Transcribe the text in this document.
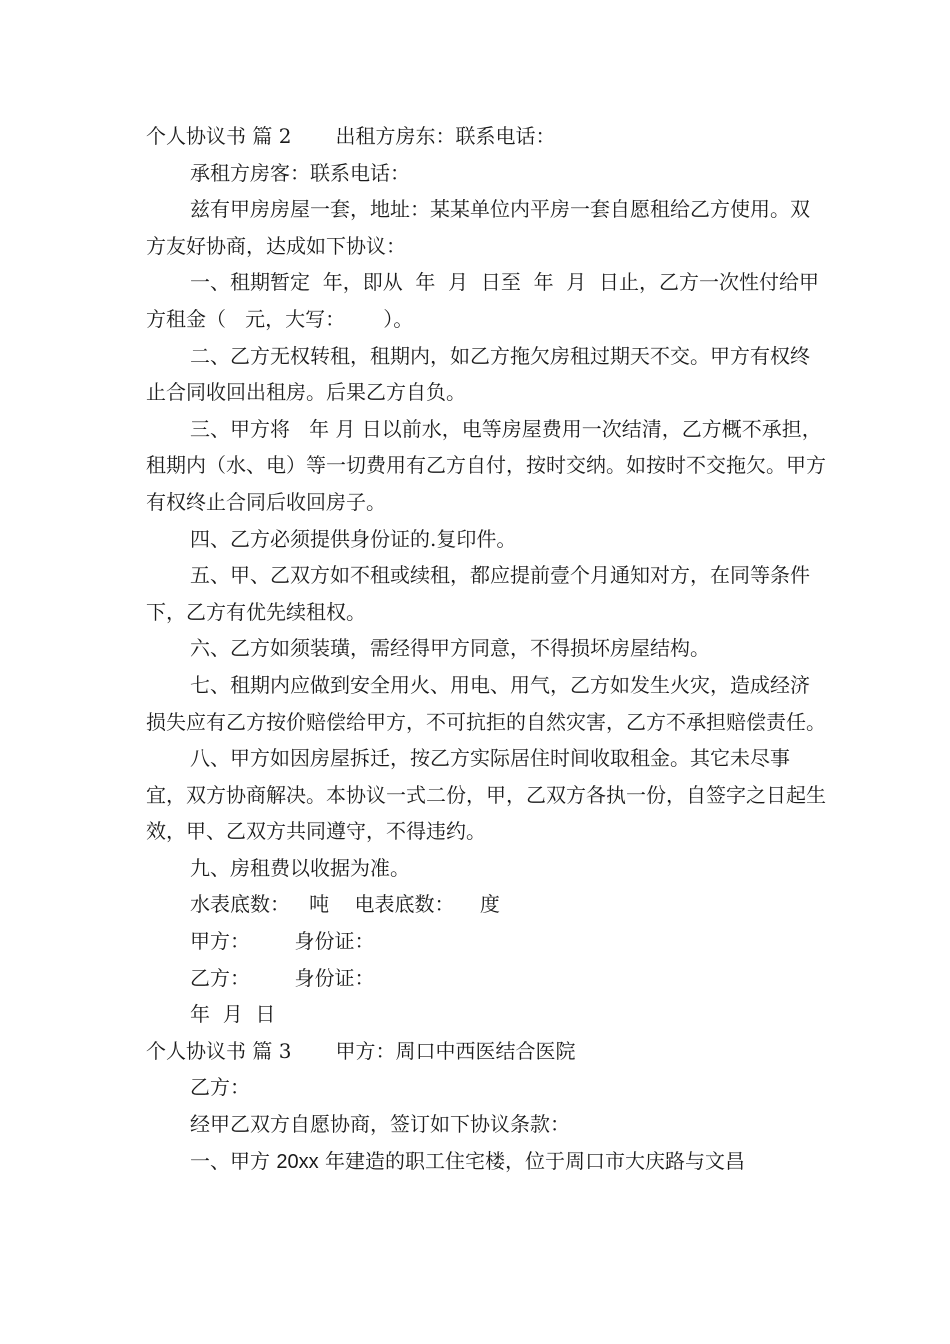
个人协议书 篇 2 出租方房东：联系电话：

承租方房客：联系电话：

兹有甲房房屋一套，地址：某某单位内平房一套自愿租给乙方使用。双方友好协商，达成如下协议：

一、租期暂定  年，即从  年  月  日至  年  月  日止，乙方一次性付给甲方租金（   元，大写：      ）。

二、乙方无权转租，租期内，如乙方拖欠房租过期天不交。甲方有权终止合同收回出租房。后果乙方自负。

三、甲方将   年 月 日以前水，电等房屋费用一次结清，乙方概不承担，租期内（水、电）等一切费用有乙方自付，按时交纳。如按时不交拖欠。甲方有权终止合同后收回房子。

四、乙方必须提供身份证的.复印件。

五、甲、乙双方如不租或续租，都应提前壹个月通知对方，在同等条件下，乙方有优先续租权。

六、乙方如须装璜，需经得甲方同意，不得损坏房屋结构。

七、租期内应做到安全用火、用电、用气，乙方如发生火灾，造成经济损失应有乙方按价赔偿给甲方，不可抗拒的自然灾害，乙方不承担赔偿责任。

八、甲方如因房屋拆迁，按乙方实际居住时间收取租金。其它未尽事宜，双方协商解决。本协议一式二份，甲，乙双方各执一份，自签字之日起生效，甲、乙双方共同遵守，不得违约。

九、房租费以收据为准。

水表底数：   吨    电表底数：    度

甲方：       身份证：

乙方：       身份证：

年  月  日

个人协议书 篇 3 甲方：周口中西医结合医院

乙方：

经甲乙双方自愿协商，签订如下协议条款：

一、甲方 20xx 年建造的职工住宅楼，位于周口市大庆路与文昌
